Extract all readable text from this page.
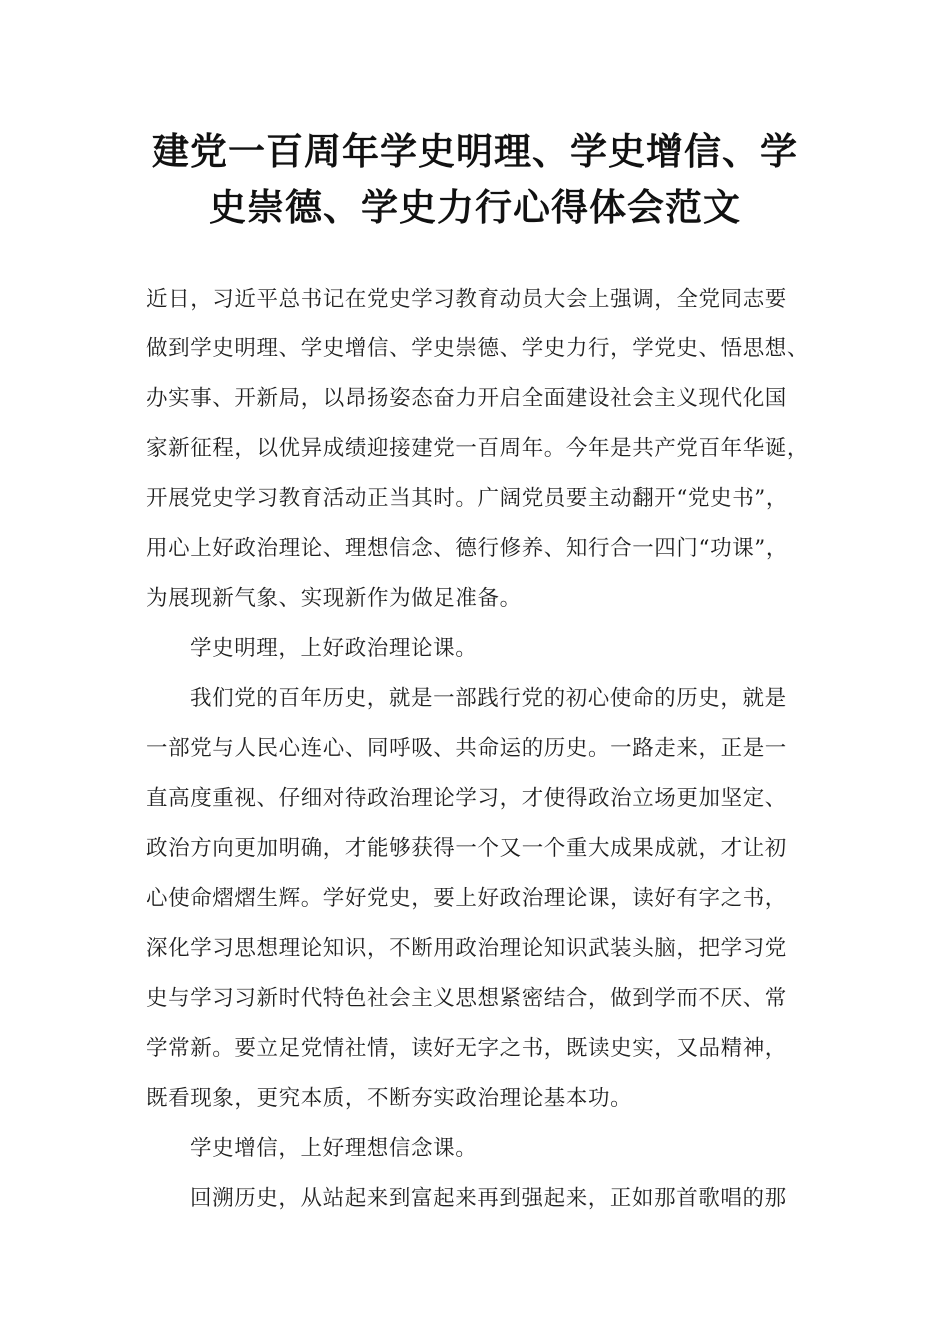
建党一百周年学史明理、学史增信、学
史崇德、学史力行心得体会范文
近日，习近平总书记在党史学习教育动员大会上强调，全党同志要
做到学史明理、学史增信、学史崇德、学史力行，学党史、悟思想、
办实事、开新局，以昂扬姿态奋力开启全面建设社会主义现代化国
家新征程，以优异成绩迎接建党一百周年。今年是共产党百年华诞，
开展党史学习教育活动正当其时。广阔党员要主动翻开“党史书”，
用心上好政治理论、理想信念、德行修养、知行合一四门“功课”，
为展现新气象、实现新作为做足准备。
学史明理，上好政治理论课。
我们党的百年历史，就是一部践行党的初心使命的历史，就是
一部党与人民心连心、同呼吸、共命运的历史。一路走来，正是一
直高度重视、仔细对待政治理论学习，才使得政治立场更加坚定、
政治方向更加明确，才能够获得一个又一个重大成果成就，才让初
心使命熠熠生辉。学好党史，要上好政治理论课，读好有字之书，
深化学习思想理论知识，不断用政治理论知识武装头脑，把学习党
史与学习习新时代特色社会主义思想紧密结合，做到学而不厌、常
学常新。要立足党情社情，读好无字之书，既读史实，又品精神，
既看现象，更究本质，不断夯实政治理论基本功。
学史增信，上好理想信念课。
回溯历史，从站起来到富起来再到强起来，正如那首歌唱的那
